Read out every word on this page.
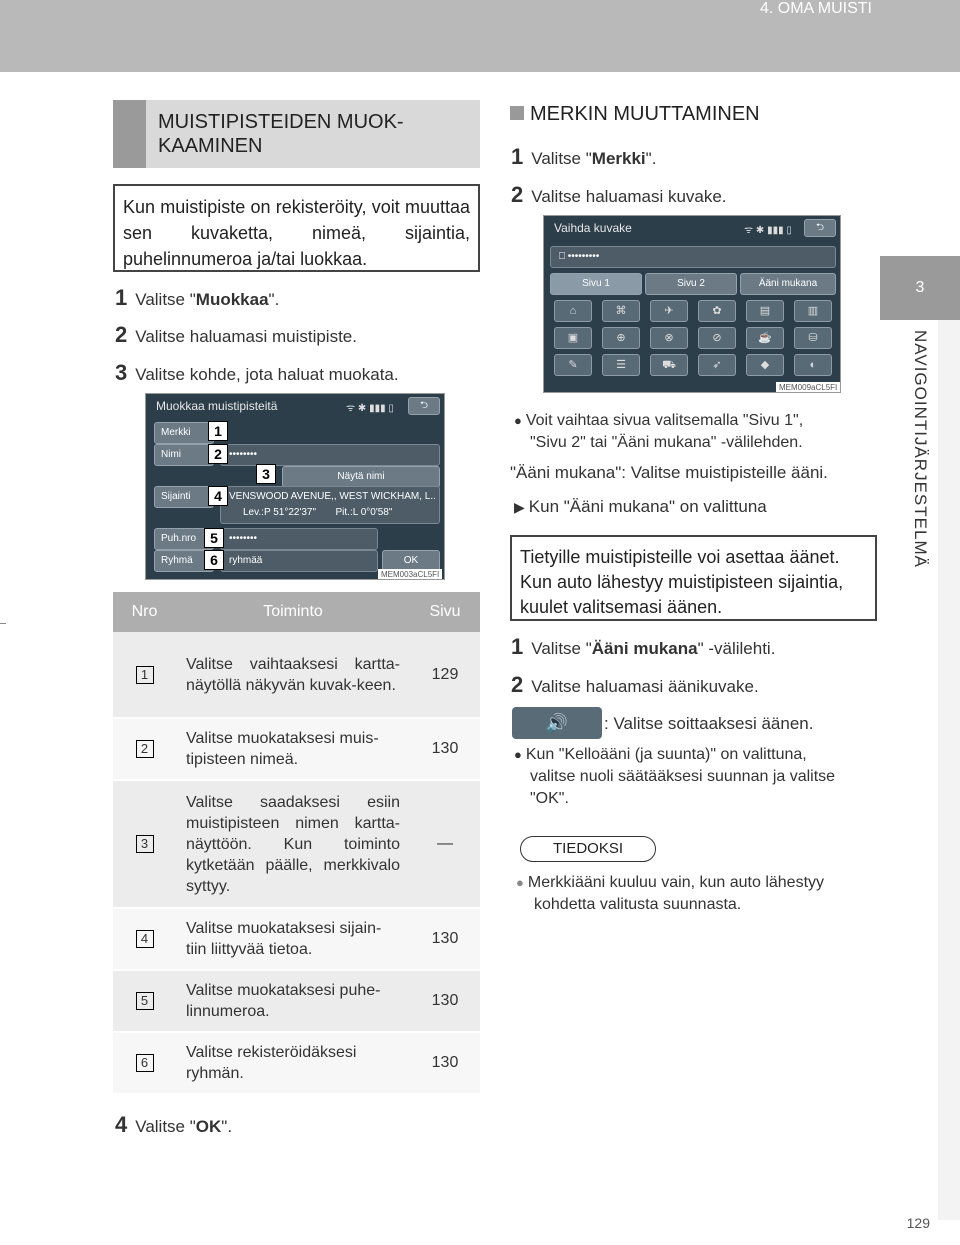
4. OMA MUISTI
3
NAVIGOINTIJÄRJESTELMÄ
MUISTIPISTEIDEN MUOK-
KAAMINEN
Kun muistipiste on rekisteröity, voit muuttaa sen kuvaketta, nimeä, sijaintia, puhelinnumeroa ja/tai luokkaa.
1 Valitse "Muokkaa".
2 Valitse haluamasi muistipiste.
3 Valitse kohde, jota haluat muokata.
Muokkaa muistipisteitä	ᯤ ✱ ▮▮▮ ▯	⮌
Merkki
Nimi	••••••••
Näytä nimi
Sijainti	VENSWOOD AVENUE,, WEST WICKHAM, L..
Lev.:P 51°22'37" Pit.:L 0°0'58"
Puh.nro	••••••••
Ryhmä	ryhmää	OK
MEM003aCL5FI
1
2
3
4
5
6
Nro	Toiminto	Sivu
1	Valitse vaihtaaksesi kartta-näytöllä näkyvän kuvak-keen.	129
2	Valitse muokataksesi muis-tipisteen nimeä.	130
3	Valitse saadaksesi esiin muistipisteen nimen kartta-näyttöön. Kun toiminto kytketään päälle, merkkivalo syttyy.	—
4	Valitse muokataksesi sijain-tiin liittyvää tietoa.	130
5	Valitse muokataksesi puhe-linnumeroa.	130
6	Valitse rekisteröidäksesi ryhmän.	130
4 Valitse "OK".
MERKIN MUUTTAMINEN
1 Valitse "Merkki".
2 Valitse haluamasi kuvake.
Vaihda kuvake	ᯤ ✱ ▮▮▮ ▯	⮌
⎕ •••••••••
Sivu 1	Sivu 2	Ääni mukana
⌂	⌘	✈	✿	▤	▥
▣	⊕	⊗	⊘	☕	⛁
✎	☰	⛟	➶	◆	◐
MEM009aCL5FI
● Voit vaihtaa sivua valitsemalla "Sivu 1",
"Sivu 2" tai "Ääni mukana" -välilehden.
"Ääni mukana": Valitse muistipisteille ääni.
▶ Kun "Ääni mukana" on valittuna
Tietyille muistipisteille voi asettaa äänet. Kun auto lähestyy muistipisteen sijaintia, kuulet valitsemasi äänen.
1 Valitse "Ääni mukana" -välilehti.
2 Valitse haluamasi äänikuvake.
🔊	: Valitse soittaaksesi äänen.
● Kun "Kelloääni (ja suunta)" on valittuna,
valitse nuoli säätääksesi suunnan ja valitse
"OK".
TIEDOKSI
● Merkkiääni kuuluu vain, kun auto lähestyy
kohdetta valitusta suunnasta.
129
